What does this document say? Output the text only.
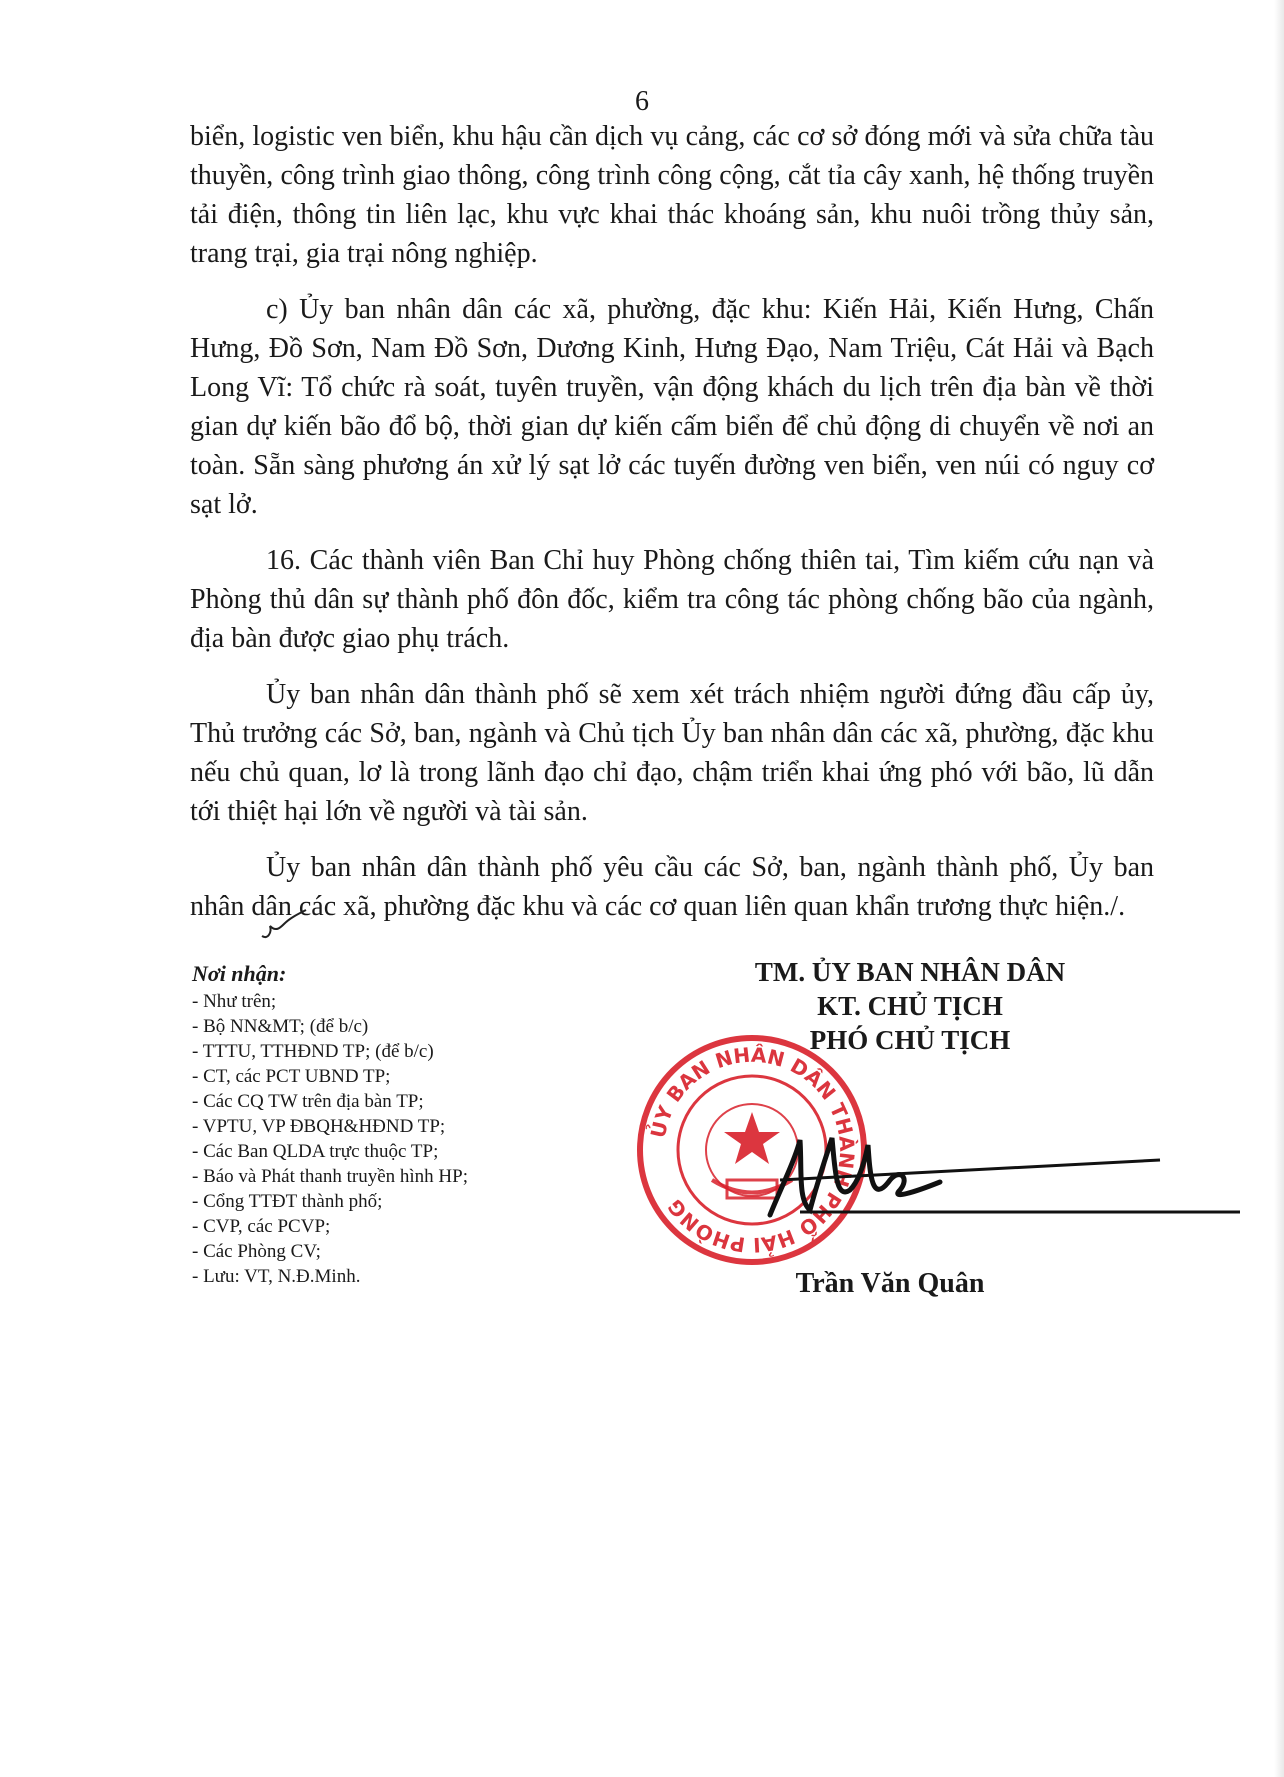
6

biển, logistic ven biển, khu hậu cần dịch vụ cảng, các cơ sở đóng mới và sửa chữa tàu thuyền, công trình giao thông, công trình công cộng, cắt tỉa cây xanh, hệ thống truyền tải điện, thông tin liên lạc, khu vực khai thác khoáng sản, khu nuôi trồng thủy sản, trang trại, gia trại nông nghiệp.

c) Ủy ban nhân dân các xã, phường, đặc khu: Kiến Hải, Kiến Hưng, Chấn Hưng, Đồ Sơn, Nam Đồ Sơn, Dương Kinh, Hưng Đạo, Nam Triệu, Cát Hải và Bạch Long Vĩ: Tổ chức rà soát, tuyên truyền, vận động khách du lịch trên địa bàn về thời gian dự kiến bão đổ bộ, thời gian dự kiến cấm biển để chủ động di chuyển về nơi an toàn. Sẵn sàng phương án xử lý sạt lở các tuyến đường ven biển, ven núi có nguy cơ sạt lở.

16. Các thành viên Ban Chỉ huy Phòng chống thiên tai, Tìm kiếm cứu nạn và Phòng thủ dân sự thành phố đôn đốc, kiểm tra công tác phòng chống bão của ngành, địa bàn được giao phụ trách.

Ủy ban nhân dân thành phố sẽ xem xét trách nhiệm người đứng đầu cấp ủy, Thủ trưởng các Sở, ban, ngành và Chủ tịch Ủy ban nhân dân các xã, phường, đặc khu nếu chủ quan, lơ là trong lãnh đạo chỉ đạo, chậm triển khai ứng phó với bão, lũ dẫn tới thiệt hại lớn về người và tài sản.

Ủy ban nhân dân thành phố yêu cầu các Sở, ban, ngành thành phố, Ủy ban nhân dân các xã, phường đặc khu và các cơ quan liên quan khẩn trương thực hiện./.

Nơi nhận:
- Như trên;
- Bộ NN&MT; (để b/c)
- TTTU, TTHĐND TP; (để b/c)
- CT, các PCT UBND TP;
- Các CQ TW trên địa bàn TP;
- VPTU, VP ĐBQH&HĐND TP;
- Các Ban QLDA trực thuộc TP;
- Báo và Phát thanh truyền hình HP;
- Cổng TTĐT thành phố;
- CVP, các PCVP;
- Các Phòng CV;
- Lưu: VT, N.Đ.Minh.
TM. ỦY BAN NHÂN DÂN
KT. CHỦ TỊCH
PHÓ CHỦ TỊCH
ỦY BAN NHÂN DÂN THÀNH PHỐ HẢI PHÒNG
Trần Văn Quân
